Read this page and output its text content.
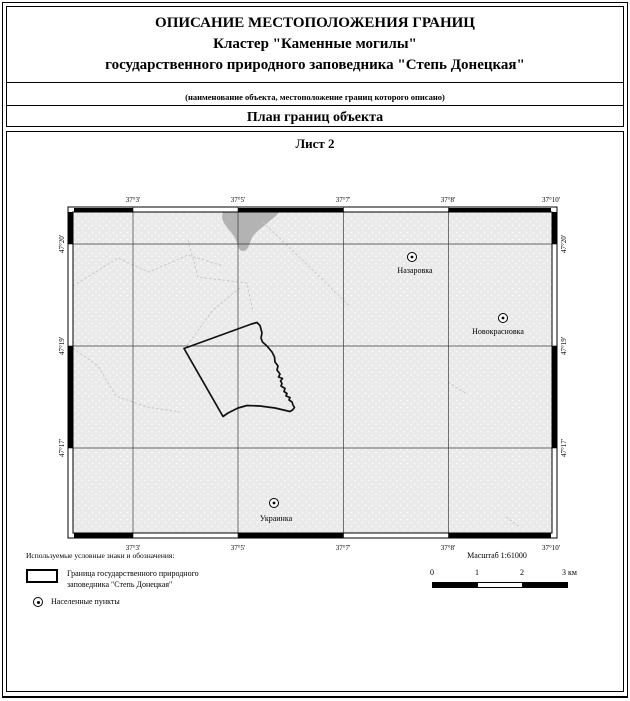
ОПИСАНИЕ МЕСТОПОЛОЖЕНИЯ ГРАНИЦ
Кластер "Каменные могилы"
государственного природного заповедника "Степь Донецкая"
(наименование объекта, местоположение границ которого описано)
План границ объекта
Лист 2
Назаровка
Новокрасновка
Украинка
37°3'	37°5'	37°7'	37°8'	37°10'
37°3'	37°5'	37°7'	37°8'	37°10'
47°20'
47°19'
47°17'
47°20'
47°19'
47°17'
Используемые условные знаки и обозначения:
Граница государственного природного
заповедника "Степь Донецкая"
Населенные пункты
Масштаб 1:61000
0	1	2	3 км
